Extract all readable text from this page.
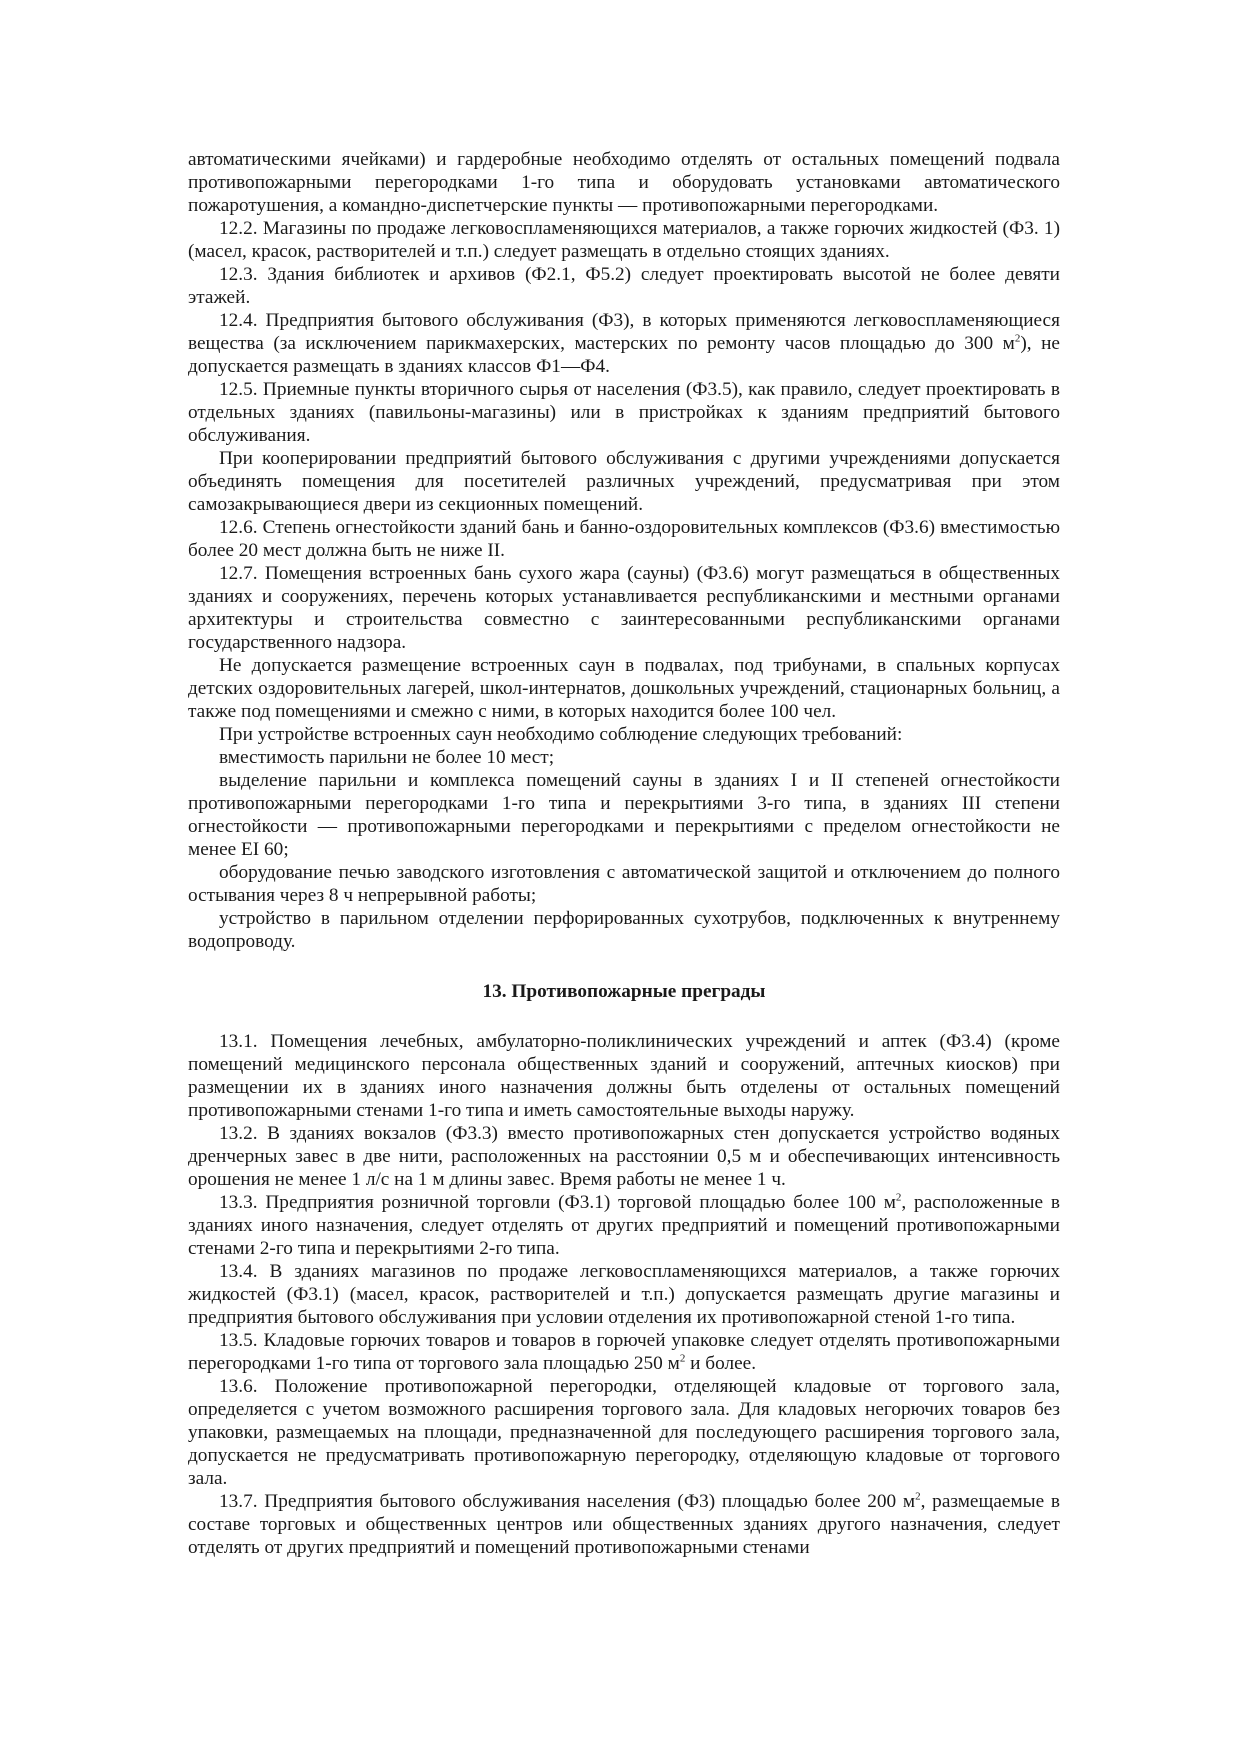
автоматическими ячейками) и гардеробные необходимо отделять от остальных помещений подвала противопожарными перегородками 1-го типа и оборудовать установками автоматического пожаротушения, а командно-диспетчерские пункты — противопожарными перегородками.

12.2. Магазины по продаже легковоспламеняющихся материалов, а также горючих жидкостей (Ф3. 1) (масел, красок, растворителей и т.п.) следует размещать в отдельно стоящих зданиях.

12.3. Здания библиотек и архивов (Ф2.1, Ф5.2) следует проектировать высотой не более девяти этажей.

12.4. Предприятия бытового обслуживания (Ф3), в которых применяются легковоспламеняющиеся вещества (за исключением парикмахерских, мастерских по ремонту часов площадью до 300 $м^2$), не допускается размещать в зданиях классов Ф1—Ф4.

12.5. Приемные пункты вторичного сырья от населения (Ф3.5), как правило, следует проектировать в отдельных зданиях (павильоны-магазины) или в пристройках к зданиям предприятий бытового обслуживания.

При кооперировании предприятий бытового обслуживания с другими учреждениями допускается объединять помещения для посетителей различных учреждений, предусматривая при этом самозакрывающиеся двери из секционных помещений.

12.6. Степень огнестойкости зданий бань и банно-оздоровительных комплексов (Ф3.6) вместимостью более 20 мест должна быть не ниже II.

12.7. Помещения встроенных бань сухого жара (сауны) (Ф3.6) могут размещаться в общественных зданиях и сооружениях, перечень которых устанавливается республиканскими и местными органами архитектуры и строительства совместно с заинтересованными республиканскими органами государственного надзора.

Не допускается размещение встроенных саун в подвалах, под трибунами, в спальных корпусах детских оздоровительных лагерей, школ-интернатов, дошкольных учреждений, стационарных больниц, а также под помещениями и смежно с ними, в которых находится более 100 чел.

При устройстве встроенных саун необходимо соблюдение следующих требований:

вместимость парильни не более 10 мест;

выделение парильни и комплекса помещений сауны в зданиях I и II степеней огнестойкости противопожарными перегородками 1-го типа и перекрытиями 3-го типа, в зданиях III степени огнестойкости — противопожарными перегородками и перекрытиями с пределом огнестойкости не менее EI 60;

оборудование печью заводского изготовления с автоматической защитой и отключением до полного остывания через 8 ч непрерывной работы;

устройство в парильном отделении перфорированных сухотрубов, подключенных к внутреннему водопроводу.

13. Противопожарные преграды

13.1. Помещения лечебных, амбулаторно-поликлинических учреждений и аптек (Ф3.4) (кроме помещений медицинского персонала общественных зданий и сооружений, аптечных киосков) при размещении их в зданиях иного назначения должны быть отделены от остальных помещений противопожарными стенами 1-го типа и иметь самостоятельные выходы наружу.

13.2. В зданиях вокзалов (Ф3.3) вместо противопожарных стен допускается устройство водяных дренчерных завес в две нити, расположенных на расстоянии 0,5 м и обеспечивающих интенсивность орошения не менее 1 л/с на 1 м длины завес. Время работы не менее 1 ч.

13.3. Предприятия розничной торговли (Ф3.1) торговой площадью более 100 $м^2$, расположенные в зданиях иного назначения, следует отделять от других предприятий и помещений противопожарными стенами 2-го типа и перекрытиями 2-го типа.

13.4. В зданиях магазинов по продаже легковоспламеняющихся материалов, а также горючих жидкостей (Ф3.1) (масел, красок, растворителей и т.п.) допускается размещать другие магазины и предприятия бытового обслуживания при условии отделения их противопожарной стеной 1-го типа.

13.5. Кладовые горючих товаров и товаров в горючей упаковке следует отделять противопожарными перегородками 1-го типа от торгового зала площадью 250 $м^2$ и более.

13.6. Положение противопожарной перегородки, отделяющей кладовые от торгового зала, определяется с учетом возможного расширения торгового зала. Для кладовых негорючих товаров без упаковки, размещаемых на площади, предназначенной для последующего расширения торгового зала, допускается не предусматривать противопожарную перегородку, отделяющую кладовые от торгового зала.

13.7. Предприятия бытового обслуживания населения (Ф3) площадью более 200 $м^2$, размещаемые в составе торговых и общественных центров или общественных зданиях другого назначения, следует отделять от других предприятий и помещений противопожарными стенами
